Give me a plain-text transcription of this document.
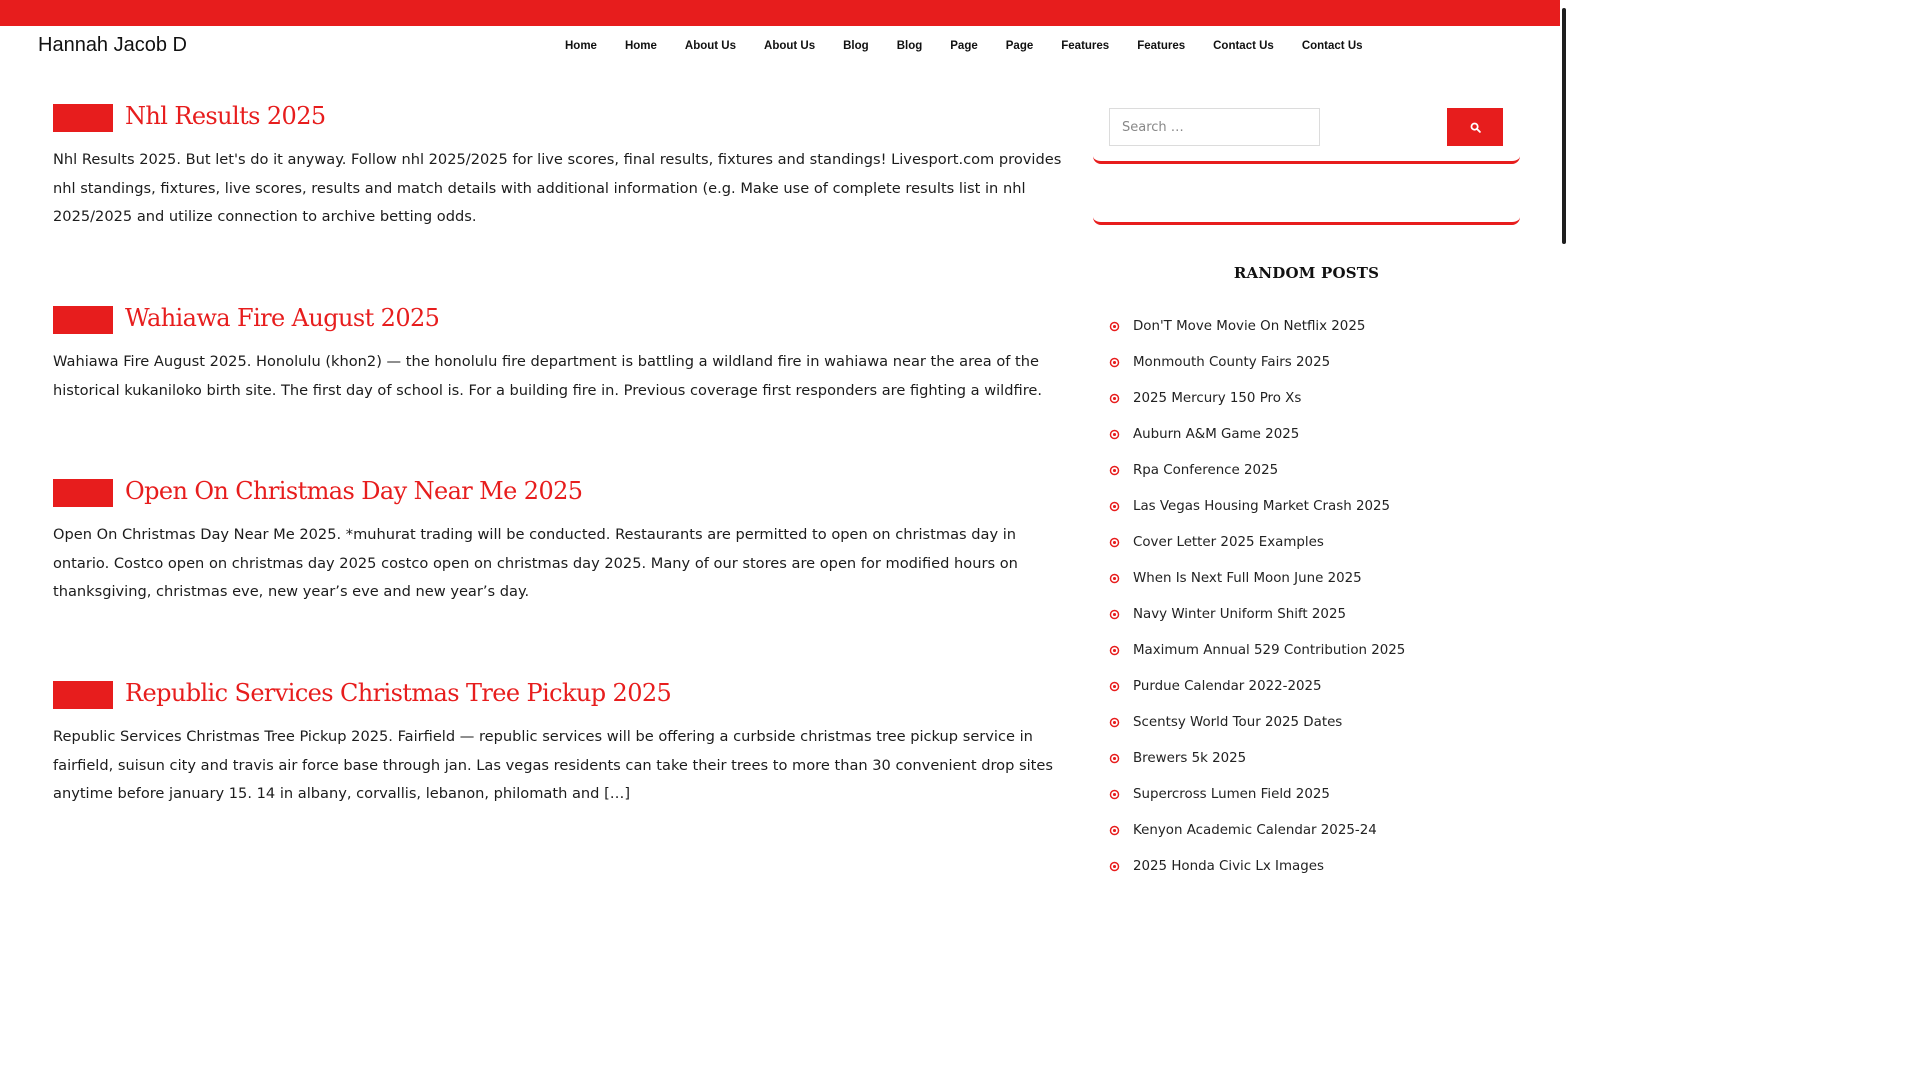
Hannah Jacob D	Home	Home	About Us	About Us	Blog	Blog	Page	Page	Features	Features	Contact Us	Contact Us
Nhl Results 2025

Nhl Results 2025. But let's do it anyway. Follow nhl 2025/2025 for live scores, final results, fixtures and standings! Livesport.com provides nhl standings, fixtures, live scores, results and match details with additional information (e.g. Make use of complete results list in nhl 2025/2025 and utilize connection to archive betting odds.

Wahiawa Fire August 2025

Wahiawa Fire August 2025. Honolulu (khon2) — the honolulu fire department is battling a wildland fire in wahiawa near the area of the historical kukaniloko birth site. The first day of school is. For a building fire in. Previous coverage first responders are fighting a wildfire.

Open On Christmas Day Near Me 2025

Open On Christmas Day Near Me 2025. *muhurat trading will be conducted. Restaurants are permitted to open on christmas day in ontario. Costco open on christmas day 2025 costco open on christmas day 2025. Many of our stores are open for modified hours on thanksgiving, christmas eve, new year’s eve and new year’s day.

Republic Services Christmas Tree Pickup 2025

Republic Services Christmas Tree Pickup 2025. Fairfield — republic services will be offering a curbside christmas tree pickup service in fairfield, suisun city and travis air force base through jan. Las vegas residents can take their trees to more than 30 convenient drop sites anytime before january 15. 14 in albany, corvallis, lebanon, philomath and […]

Search …
RANDOM POSTS
Don'T Move Movie On Netflix 2025
Monmouth County Fairs 2025
2025 Mercury 150 Pro Xs
Auburn A&M Game 2025
Rpa Conference 2025
Las Vegas Housing Market Crash 2025
Cover Letter 2025 Examples
When Is Next Full Moon June 2025
Navy Winter Uniform Shift 2025
Maximum Annual 529 Contribution 2025
Purdue Calendar 2022-2025
Scentsy World Tour 2025 Dates
Brewers 5k 2025
Supercross Lumen Field 2025
Kenyon Academic Calendar 2025-24
2025 Honda Civic Lx Images
